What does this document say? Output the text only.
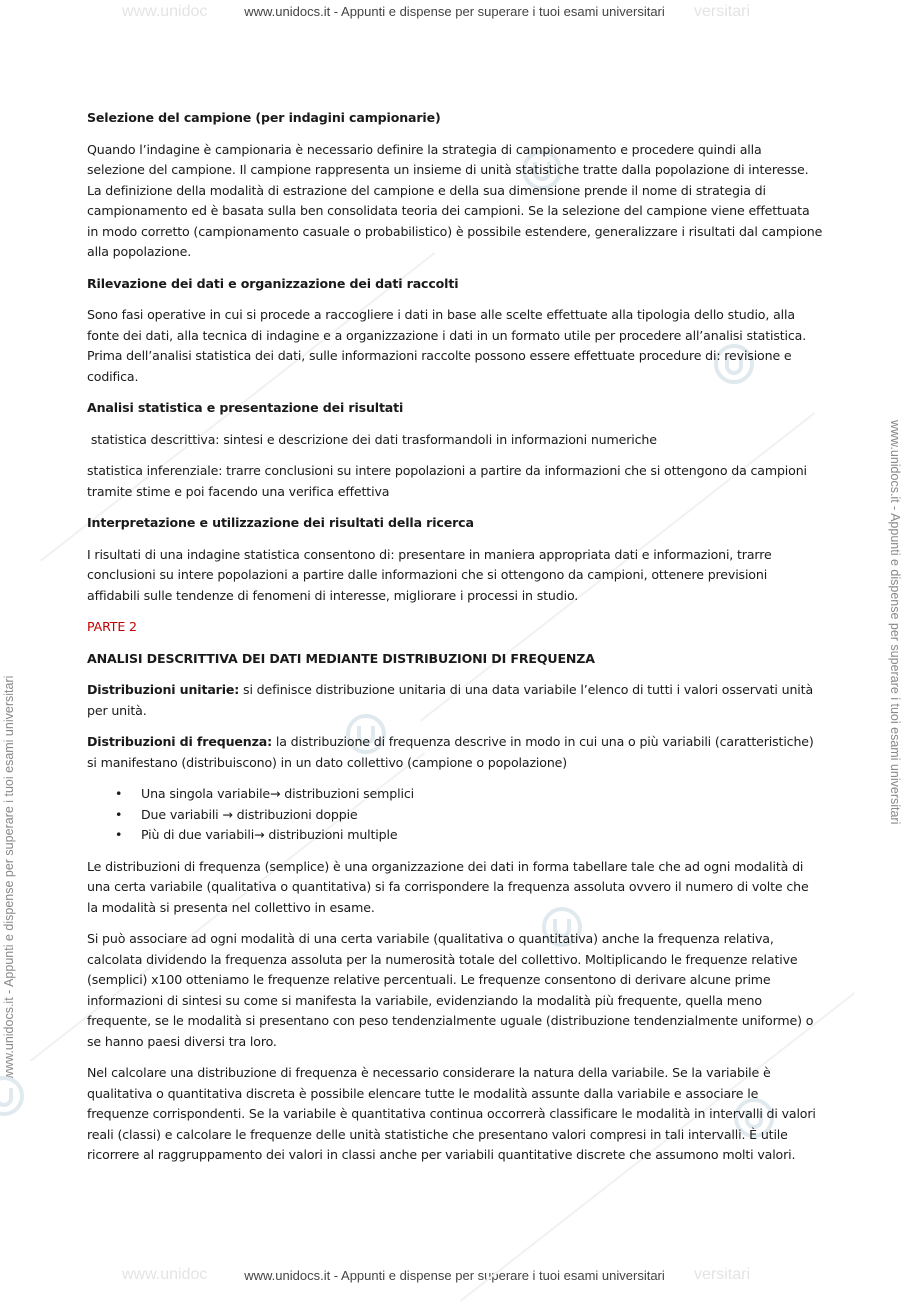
www.unidoc	versitari
www.unidocs.it - Appunti e dispense per superare i tuoi esami universitari
www.unidoc	versitari
www.unidocs.it - Appunti e dispense per superare i tuoi esami universitari
www.unidocs.it - Appunti e dispense per superare i tuoi esami universitari
www.unidocs.it - Appunti e dispense per superare i tuoi esami universitari

Selezione del campione (per indagini campionarie)

Quando l’indagine è campionaria è necessario definire la strategia di campionamento e procedere quindi alla selezione del campione. Il campione rappresenta un insieme di unità statistiche tratte dalla popolazione di interesse. La definizione della modalità di estrazione del campione e della sua dimensione prende il nome di strategia di campionamento ed è basata sulla ben consolidata teoria dei campioni. Se la selezione del campione viene effettuata in modo corretto (campionamento casuale o probabilistico) è possibile estendere, generalizzare i risultati dal campione alla popolazione.

Rilevazione dei dati e organizzazione dei dati raccolti

Sono fasi operative in cui si procede a raccogliere i dati in base alle scelte effettuate alla tipologia dello studio, alla fonte dei dati, alla tecnica di indagine e a organizzazione i dati in un formato utile per procedere all’analisi statistica. Prima dell’analisi statistica dei dati, sulle informazioni raccolte possono essere effettuate procedure di: revisione e codifica.

Analisi statistica e presentazione dei risultati

statistica descrittiva: sintesi e descrizione dei dati trasformandoli in informazioni numeriche

statistica inferenziale: trarre conclusioni su intere popolazioni a partire da informazioni che si ottengono da campioni tramite stime e poi facendo una verifica effettiva

Interpretazione e utilizzazione dei risultati della ricerca

I risultati di una indagine statistica consentono di: presentare in maniera appropriata dati e informazioni, trarre conclusioni su intere popolazioni a partire dalle informazioni che si ottengono da campioni, ottenere previsioni affidabili sulle tendenze di fenomeni di interesse, migliorare i processi in studio.

PARTE 2

ANALISI DESCRITTIVA DEI DATI MEDIANTE DISTRIBUZIONI DI FREQUENZA

Distribuzioni unitarie: si definisce distribuzione unitaria di una data variabile l’elenco di tutti i valori osservati unità per unità.

Distribuzioni di frequenza: la distribuzione di frequenza descrive in modo in cui una o più variabili (caratteristiche) si manifestano (distribuiscono) in un dato collettivo (campione o popolazione)

• Una singola variabile→ distribuzioni semplici
• Due variabili → distribuzioni doppie
• Più di due variabili→ distribuzioni multiple

Le distribuzioni di frequenza (semplice) è una organizzazione dei dati in forma tabellare tale che ad ogni modalità di una certa variabile (qualitativa o quantitativa) si fa corrispondere la frequenza assoluta ovvero il numero di volte che la modalità si presenta nel collettivo in esame.

Si può associare ad ogni modalità di una certa variabile (qualitativa o quantitativa) anche la frequenza relativa, calcolata dividendo la frequenza assoluta per la numerosità totale del collettivo. Moltiplicando le frequenze relative (semplici) x100 otteniamo le frequenze relative percentuali. Le frequenze consentono di derivare alcune prime informazioni di sintesi su come si manifesta la variabile, evidenziando la modalità più frequente, quella meno frequente, se le modalità si presentano con peso tendenzialmente uguale (distribuzione tendenzialmente uniforme) o se hanno paesi diversi tra loro.

Nel calcolare una distribuzione di frequenza è necessario considerare la natura della variabile. Se la variabile è qualitativa o quantitativa discreta è possibile elencare tutte le modalità assunte dalla variabile e associare le frequenze corrispondenti. Se la variabile è quantitativa continua occorrerà classificare le modalità in intervalli di valori reali (classi) e calcolare le frequenze delle unità statistiche che presentano valori compresi in tali intervalli. È utile ricorrere al raggruppamento dei valori in classi anche per variabili quantitative discrete che assumono molti valori.
